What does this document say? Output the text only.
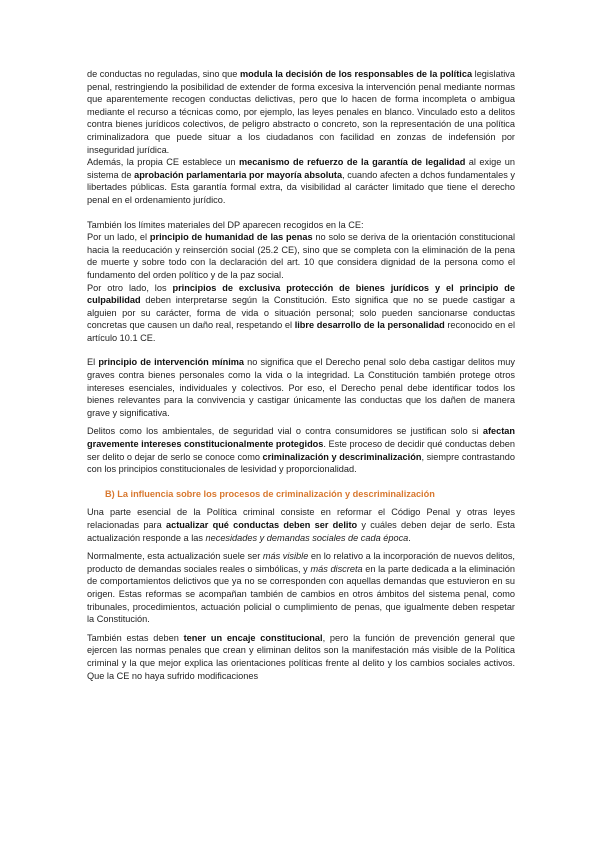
de conductas no reguladas, sino que modula la decisión de los responsables de la política legislativa penal, restringiendo la posibilidad de extender de forma excesiva la intervención penal mediante normas que aparentemente recogen conductas delictivas, pero que lo hacen de forma incompleta o ambigua mediante el recurso a técnicas como, por ejemplo, las leyes penales en blanco. Vinculado esto a delitos contra bienes jurídicos colectivos, de peligro abstracto o concreto, son la representación de una política criminalizadora que puede situar a los ciudadanos con facilidad en zonzas de indefensión por inseguridad jurídica.

Además, la propia CE establece un mecanismo de refuerzo de la garantía de legalidad al exige un sistema de aprobación parlamentaria por mayoría absoluta, cuando afecten a dchos fundamentales y libertades públicas. Esta garantía formal extra, da visibilidad al carácter limitado que tiene el derecho penal en el ordenamiento jurídico.

También los límites materiales del DP aparecen recogidos en la CE:

Por un lado, el principio de humanidad de las penas no solo se deriva de la orientación constitucional hacia la reeducación y reinserción social (25.2 CE), sino que se completa con la eliminación de la pena de muerte y sobre todo con la declaración del art. 10 que considera dignidad de la persona como el fundamento del orden político y de la paz social.

Por otro lado, los principios de exclusiva protección de bienes jurídicos y el principio de culpabilidad deben interpretarse según la Constitución. Esto significa que no se puede castigar a alguien por su carácter, forma de vida o situación personal; solo pueden sancionarse conductas concretas que causen un daño real, respetando el libre desarrollo de la personalidad reconocido en el artículo 10.1 CE.

El principio de intervención mínima no significa que el Derecho penal solo deba castigar delitos muy graves contra bienes personales como la vida o la integridad. La Constitución también protege otros intereses esenciales, individuales y colectivos. Por eso, el Derecho penal debe identificar todos los bienes relevantes para la convivencia y castigar únicamente las conductas que los dañen de manera grave y significativa.

Delitos como los ambientales, de seguridad vial o contra consumidores se justifican solo si afectan gravemente intereses constitucionalmente protegidos. Este proceso de decidir qué conductas deben ser delito o dejar de serlo se conoce como criminalización y descriminalización, siempre contrastando con los principios constitucionales de lesividad y proporcionalidad.

B) La influencia sobre los procesos de criminalización y descriminalización

Una parte esencial de la Política criminal consiste en reformar el Código Penal y otras leyes relacionadas para actualizar qué conductas deben ser delito y cuáles deben dejar de serlo. Esta actualización responde a las necesidades y demandas sociales de cada época.

Normalmente, esta actualización suele ser más visible en lo relativo a la incorporación de nuevos delitos, producto de demandas sociales reales o simbólicas, y más discreta en la parte dedicada a la eliminación de comportamientos delictivos que ya no se corresponden con aquellas demandas que estuvieron en su origen. Estas reformas se acompañan también de cambios en otros ámbitos del sistema penal, como tribunales, procedimientos, actuación policial o cumplimiento de penas, que igualmente deben respetar la Constitución.

También estas deben tener un encaje constitucional, pero la función de prevención general que ejercen las normas penales que crean y eliminan delitos son la manifestación más visible de la Política criminal y la que mejor explica las orientaciones políticas frente al delito y los cambios sociales activos. Que la CE no haya sufrido modificaciones
